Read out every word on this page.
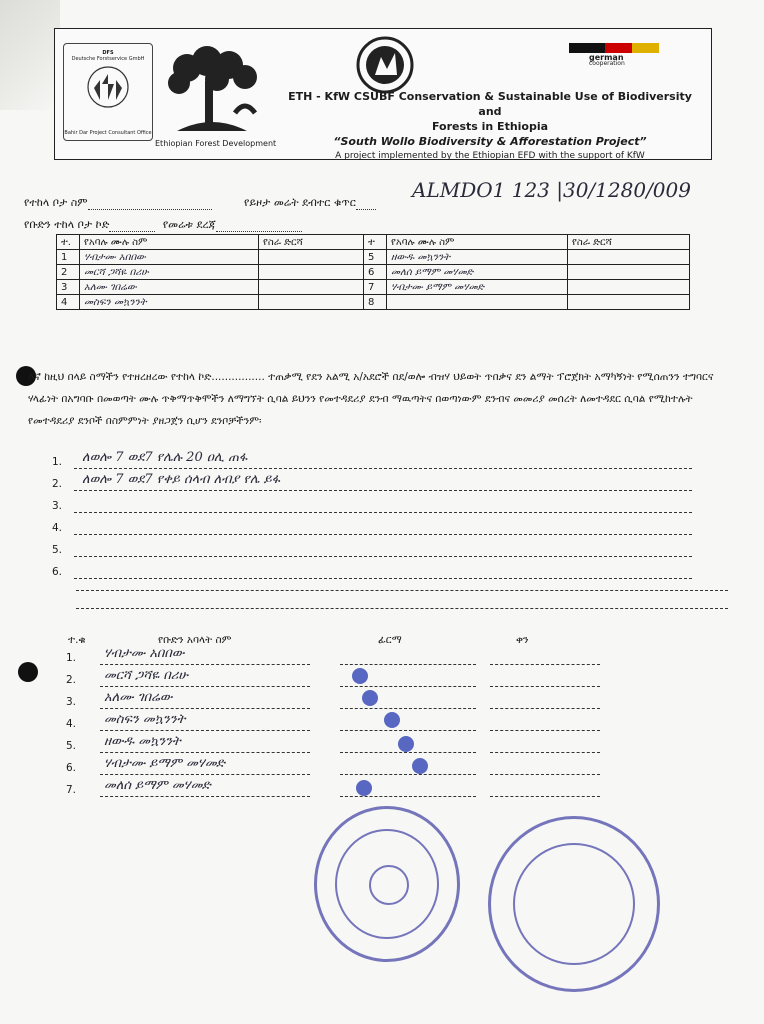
DFS
Deutsche Forstservice GmbH
Bahir Dar Project Consultant Office
Ethiopian Forest Development
german
cooperation
ETH - KfW CSUBF Conservation & Sustainable Use of Biodiversity and
Forests in Ethiopia
“South Wollo Biodiversity & Afforestation Project”
A project implemented by the Ethiopian EFD with the support of KfW
የተከላ ቦታ ስም	የይዞታ መሬት ደብተር ቁጥር
ALMDO1 123 |30/1280/009
የቡድን ተከላ ቦታ ኮድ	የመሬቱ ደረጃ
ተ.	የአባሉ ሙሉ ስም	የስራ ድርሻ	ተ	የአባሉ ሙሉ ስም	የስራ ድርሻ
1	ሃብታሙ አበበው		5	ዘውዱ መኳንንት	
2	መርሻ ጋሻዬ በሪሁ		6	መለሰ ይማም መሃመድ	
3	አለሙ ገበሬው		7	ሃብታሙ ይማም መሃመድ	
4	መስፍን መኳንንት		8		
እኛ ከዚህ በላይ ስማችን የተዘረዘረው የተከላ ኮድ................ ተጠቃሚ የደን አልሚ አ/አደሮች በደ/ወሎ ብዝሃ ህይወት ጥበቃና ደን ልማት ፕሮጀክት አማካኝነት የሚሰጠንን ተግባርና ሃላፊነት በአግባቡ በመወጣት ሙሉ ጥቅማጥቅሞችን ለማግኘት ሲባል ይህንን የመተዳደሪያ ደንብ ማዉጣትና በወጣነውም ደንብና መመሪያ መሰረት ለመተዳደር ሲባል የሚከተሉት የመተዳደሪያ ደንቦች በስምምነት ያዘጋጀን ሲሆን ደንቦቻችንም፡
1.	ለወሎ 7 ወደ7 የሌሉ 20 ዐሊ ጠፋ
2.	ለወሎ 7 ወደ7 የቀይ ሰላብ ለብያ የሌ ይፋ
3.
4.
5.
6.
ተ.ቁ	የቡድን አባላት ስም	ፊርማ	ቀን
1. ሃብታሙ አበበው
2. መርሻ ጋሻዬ በሪሁ
3. አለሙ ገበሬው
4. መስፍን መኳንንት
5. ዘውዱ መኳንንት
6. ሃብታሙ ይማም መሃመድ
7. መለሰ ይማም መሃመድ
